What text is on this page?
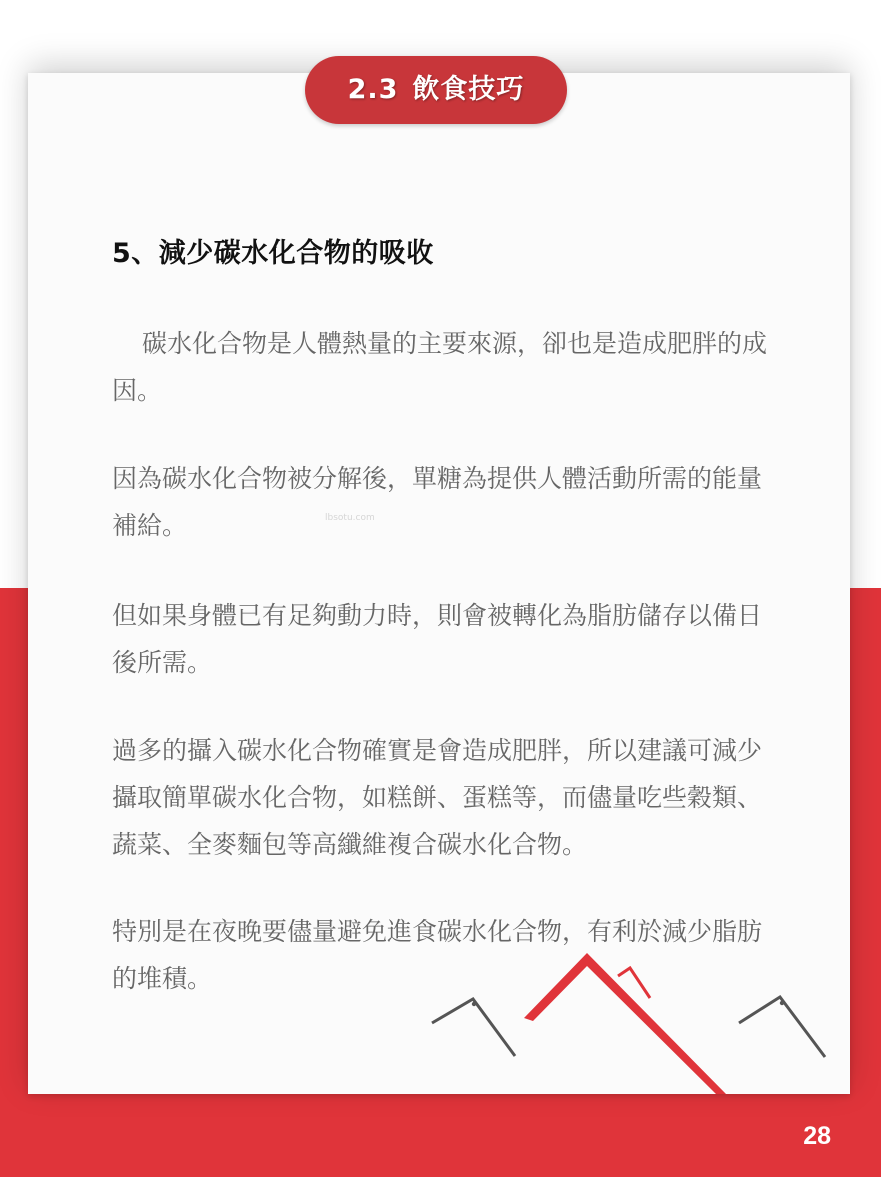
5、減少碳水化合物的吸收

碳水化合物是人體熱量的主要來源，卻也是造成肥胖的成因。

因為碳水化合物被分解後，單糖為提供人體活動所需的能量補給。	lbsotu.com

但如果身體已有足夠動力時，則會被轉化為脂肪儲存以備日後所需。

過多的攝入碳水化合物確實是會造成肥胖，所以建議可減少攝取簡單碳水化合物，如糕餅、蛋糕等，而儘量吃些穀類、蔬菜、全麥麵包等高纖維複合碳水化合物。

特別是在夜晚要儘量避免進食碳水化合物，有利於減少脂肪的堆積。

2.3 飲食技巧
28
